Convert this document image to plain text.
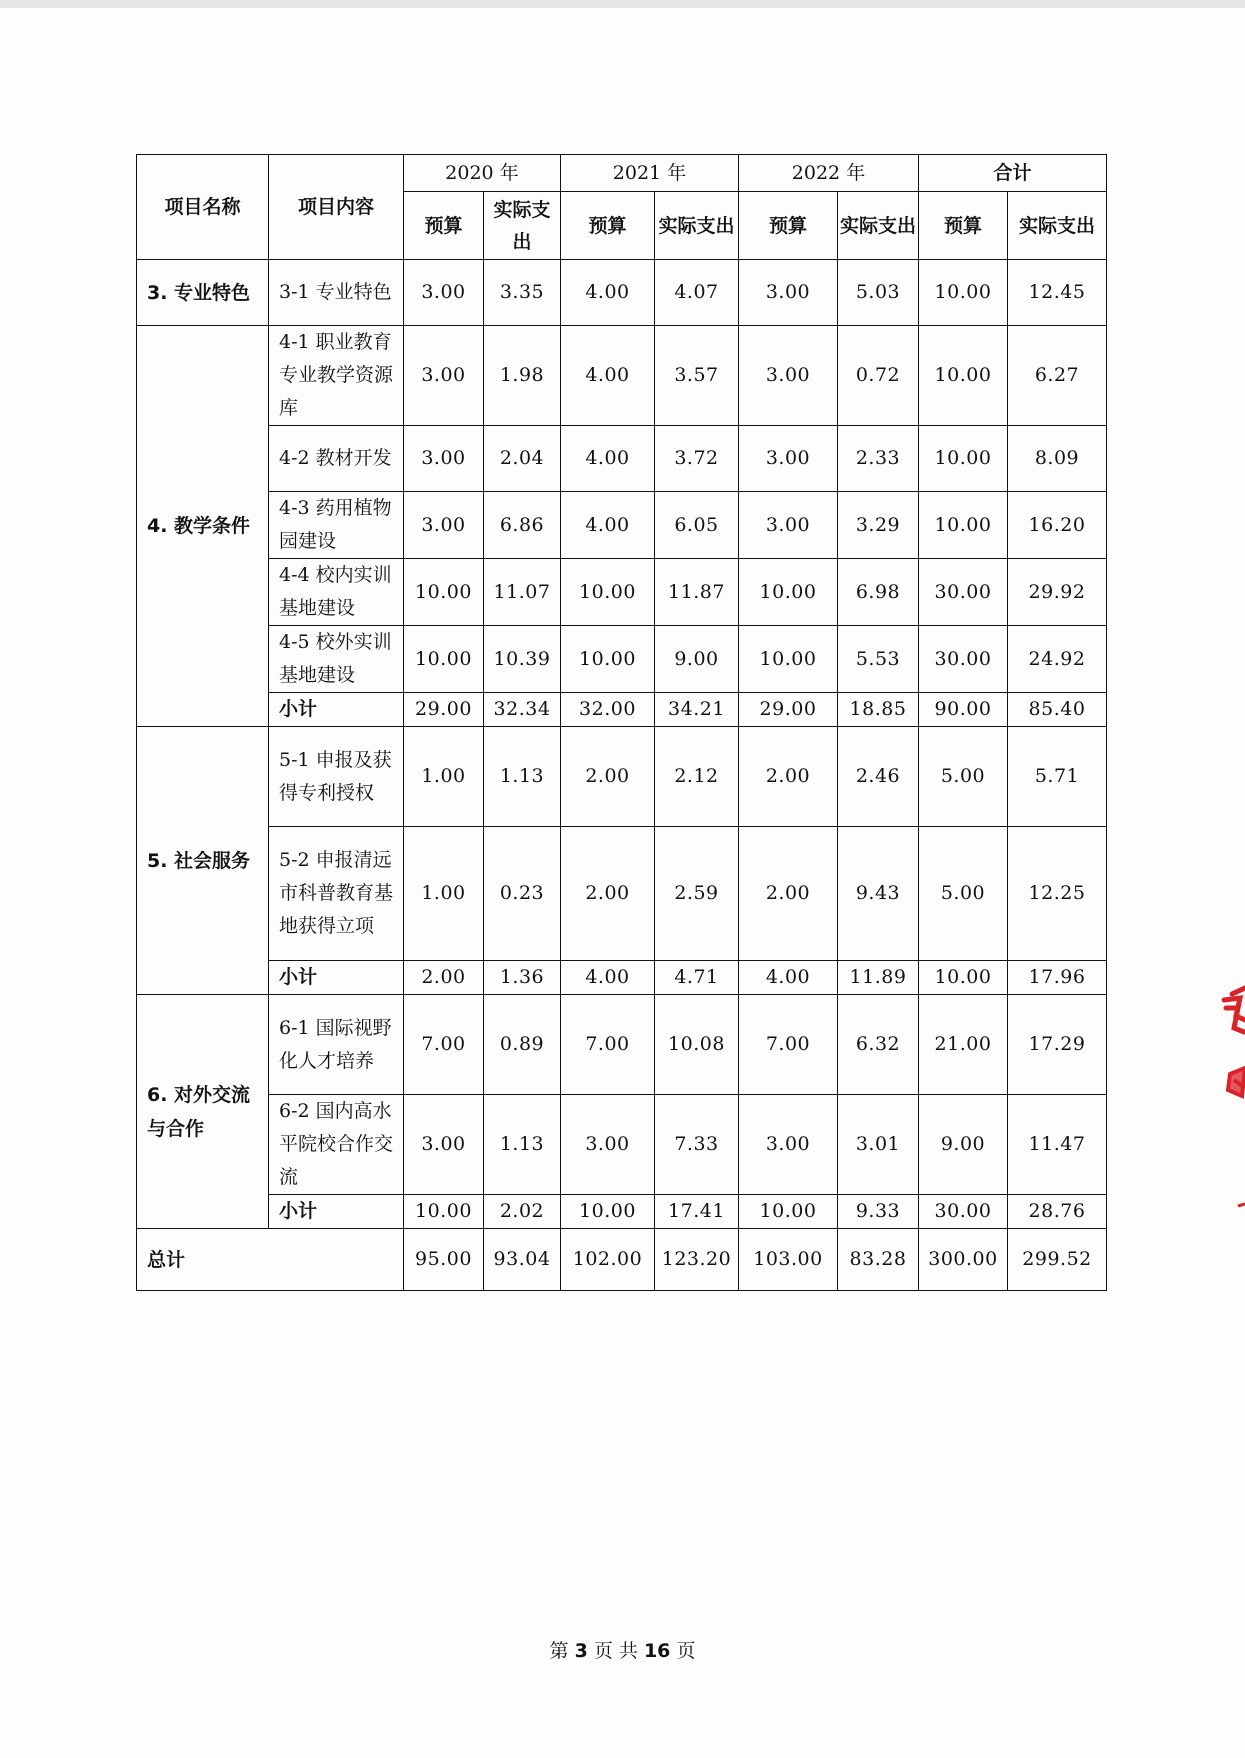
项目名称	项目内容	2020 年		2021 年		2022 年		合计	
		预算	实际支出	预算	实际支出	预算	实际支出	预算	实际支出
3. 专业特色	3-1 专业特色	3.00	3.35	4.00	4.07	3.00	5.03	10.00	12.45
4. 教学条件	4-1 职业教育专业教学资源库	3.00	1.98	4.00	3.57	3.00	0.72	10.00	6.27
	4-2 教材开发	3.00	2.04	4.00	3.72	3.00	2.33	10.00	8.09
	4-3 药用植物园建设	3.00	6.86	4.00	6.05	3.00	3.29	10.00	16.20
	4-4 校内实训基地建设	10.00	11.07	10.00	11.87	10.00	6.98	30.00	29.92
	4-5 校外实训基地建设	10.00	10.39	10.00	9.00	10.00	5.53	30.00	24.92
	小计	29.00	32.34	32.00	34.21	29.00	18.85	90.00	85.40
5. 社会服务	5-1 申报及获得专利授权	1.00	1.13	2.00	2.12	2.00	2.46	5.00	5.71
	5-2 申报清远市科普教育基地获得立项	1.00	0.23	2.00	2.59	2.00	9.43	5.00	12.25
	小计	2.00	1.36	4.00	4.71	4.00	11.89	10.00	17.96
6. 对外交流与合作	6-1 国际视野化人才培养	7.00	0.89	7.00	10.08	7.00	6.32	21.00	17.29
	6-2 国内高水平院校合作交流	3.00	1.13	3.00	7.33	3.00	3.01	9.00	11.47
	小计	10.00	2.02	10.00	17.41	10.00	9.33	30.00	28.76
总计		95.00	93.04	102.00	123.20	103.00	83.28	300.00	299.52
第 3 页 共 16 页
